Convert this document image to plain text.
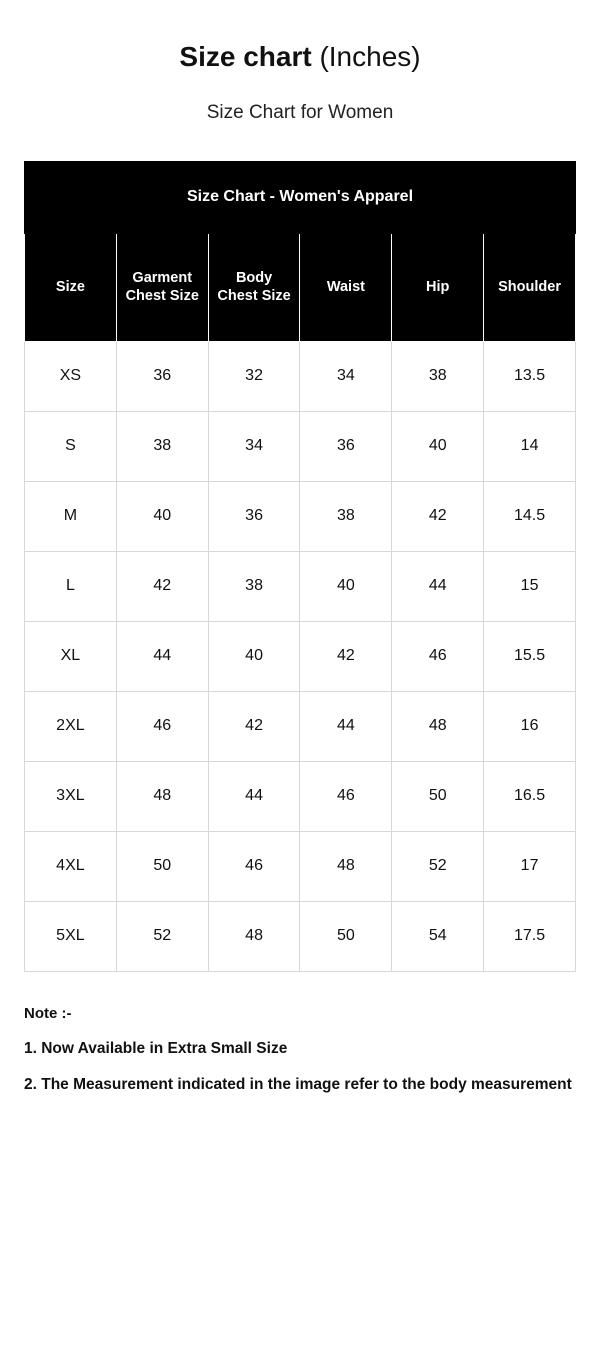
Size chart (Inches)
Size Chart for Women
Size Chart - Women's Apparel					
Size	Garment Chest Size	Body Chest Size	Waist	Hip	Shoulder
XS	36	32	34	38	13.5
S	38	34	36	40	14
M	40	36	38	42	14.5
L	42	38	40	44	15
XL	44	40	42	46	15.5
2XL	46	42	44	48	16
3XL	48	44	46	50	16.5
4XL	50	46	48	52	17
5XL	52	48	50	54	17.5
Note :-
1. Now Available in Extra Small Size
2. The Measurement indicated in the image refer to the body measurement
